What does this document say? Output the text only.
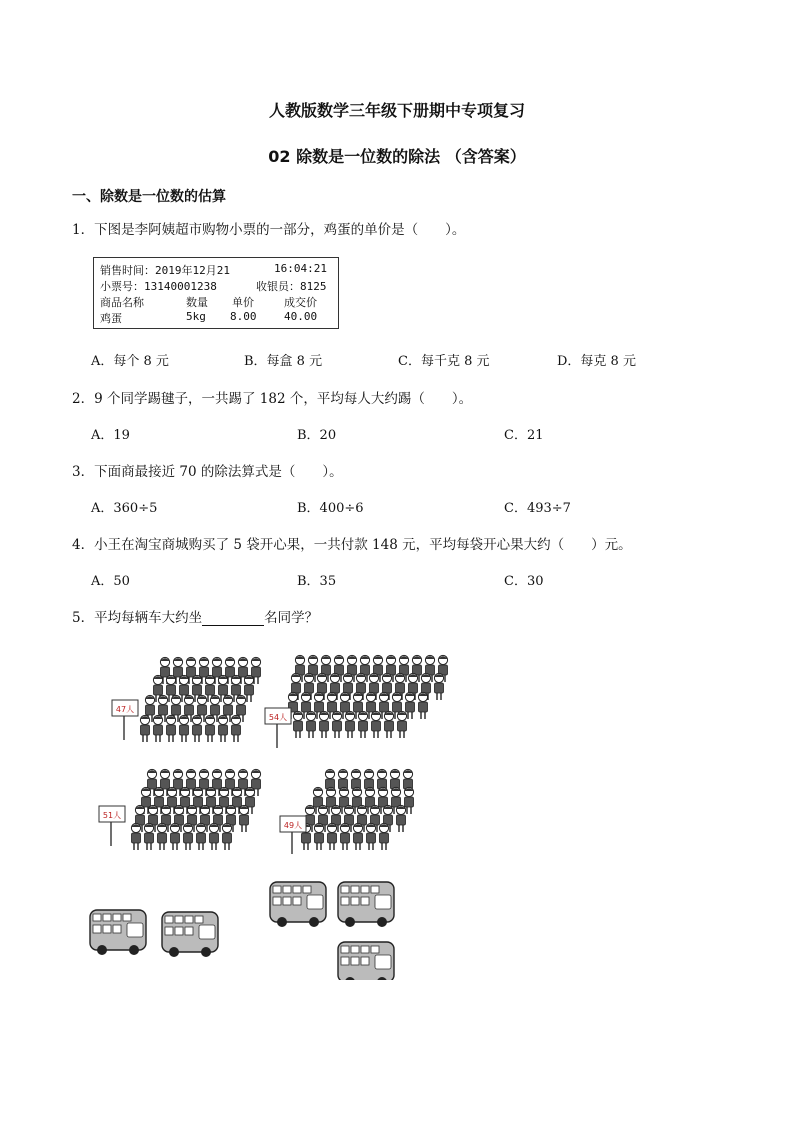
人教版数学三年级下册期中专项复习
02 除数是一位数的除法 （含答案）
一、除数是一位数的估算
1．下图是李阿姨超市购物小票的一部分，鸡蛋的单价是（　　）。
销售时间：2019年12月21	16:04:21
小票号：13140001238	收银员：8125
商品名称	数量 单价	成交价
鸡蛋	5kg 8.00	40.00
A．每个 8 元	B．每盒 8 元	C．每千克 8 元	D．每克 8 元
2．9 个同学踢毽子，一共踢了 182 个，平均每人大约踢（　　）。
A．19	B．20	C．21
3．下面商最接近 70 的除法算式是（　　）。
A．360÷5	B．400÷6	C．493÷7
4．小王在淘宝商城购买了 5 袋开心果，一共付款 148 元，平均每袋开心果大约（　　）元。
A．50	B．35	C．30
5．平均每辆车大约坐	名同学？
47人
54人
51人
49人
